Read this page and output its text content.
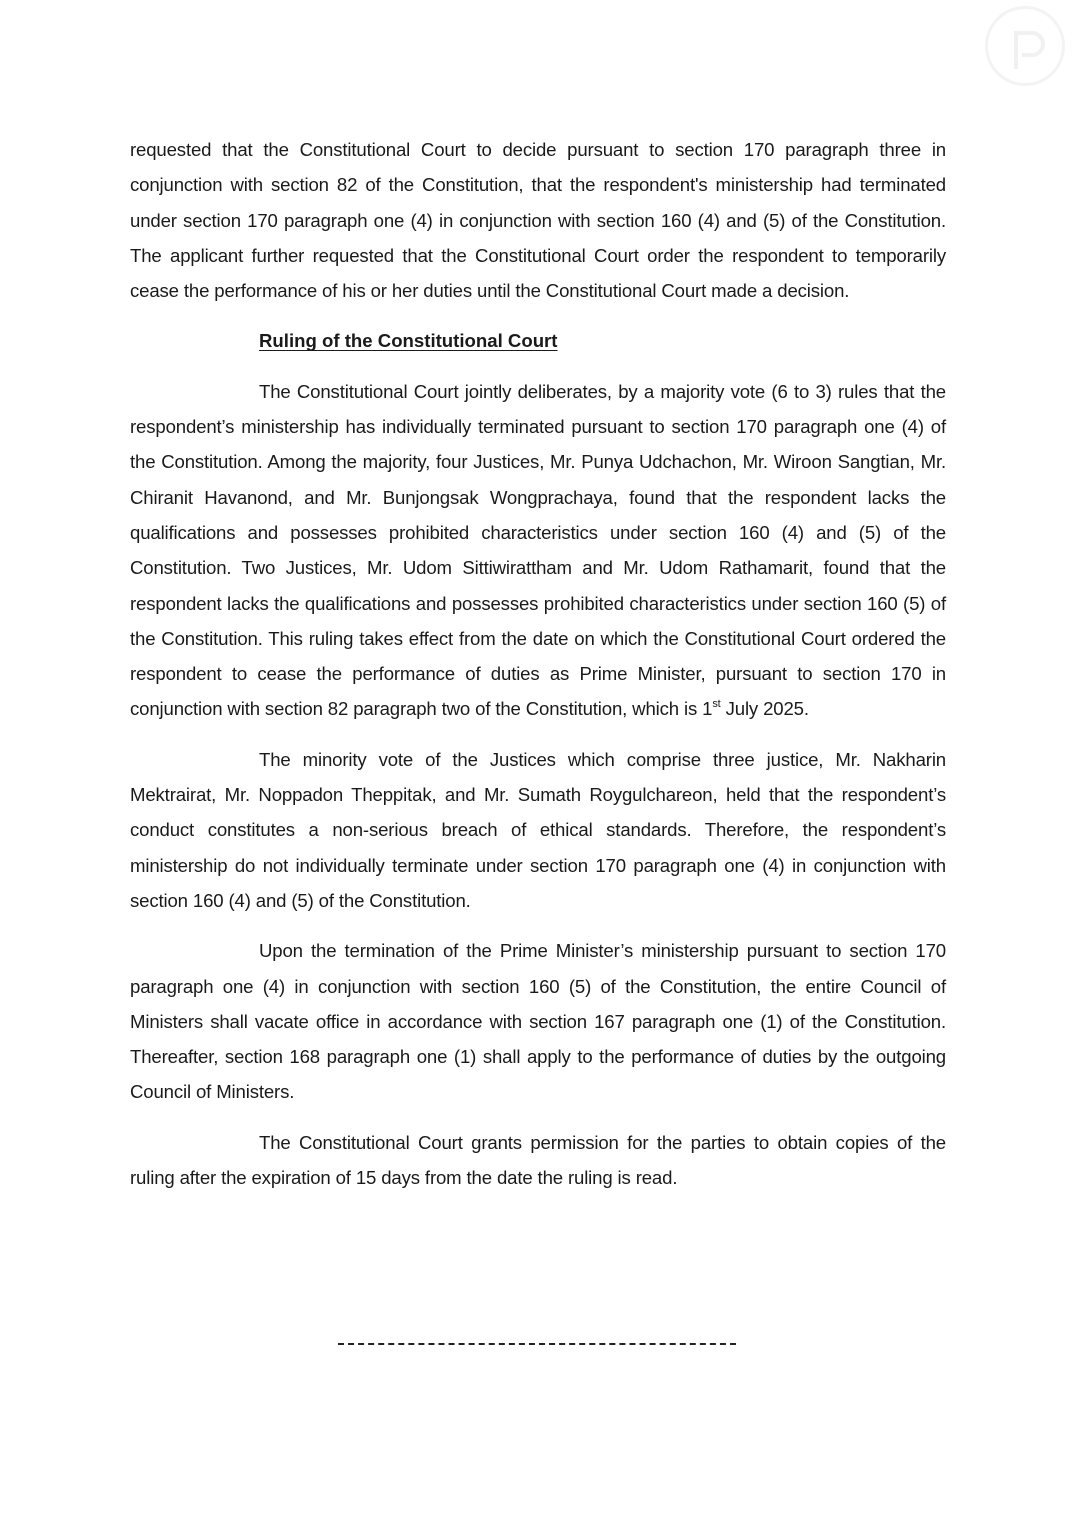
requested that the Constitutional Court to decide pursuant to section 170 paragraph three in conjunction with section 82 of the Constitution, that the respondent's ministership had terminated under section 170 paragraph one (4) in conjunction with section 160 (4) and (5) of the Constitution. The applicant further requested that the Constitutional Court order the respondent to temporarily cease the performance of his or her duties until the Constitutional Court made a decision.

Ruling of the Constitutional Court

The Constitutional Court jointly deliberates, by a majority vote (6 to 3) rules that the respondent’s ministership has individually terminated pursuant to section 170 paragraph one (4) of the Constitution. Among the majority, four Justices, Mr. Punya Udchachon, Mr. Wiroon Sangtian, Mr. Chiranit Havanond, and Mr. Bunjongsak Wongprachaya, found that the respondent lacks the qualifications and possesses prohibited characteristics under section 160 (4) and (5) of the Constitution. Two Justices, Mr. Udom Sittiwirattham and Mr. Udom Rathamarit, found that the respondent lacks the qualifications and possesses prohibited characteristics under section 160 (5) of the Constitution. This ruling takes effect from the date on which the Constitutional Court ordered the respondent to cease the performance of duties as Prime Minister, pursuant to section 170 in conjunction with section 82 paragraph two of the Constitution, which is 1st July 2025.

The minority vote of the Justices which comprise three justice, Mr. Nakharin Mektrairat, Mr. Noppadon Theppitak, and Mr. Sumath Roygulchareon, held that the respondent’s conduct constitutes a non-serious breach of ethical standards. Therefore, the respondent’s ministership do not individually terminate under section 170 paragraph one (4) in conjunction with section 160 (4) and (5) of the Constitution.

Upon the termination of the Prime Minister’s ministership pursuant to section 170 paragraph one (4) in conjunction with section 160 (5) of the Constitution, the entire Council of Ministers shall vacate office in accordance with section 167 paragraph one (1) of the Constitution. Thereafter, section 168 paragraph one (1) shall apply to the performance of duties by the outgoing Council of Ministers.

The Constitutional Court grants permission for the parties to obtain copies of the ruling after the expiration of 15 days from the date the ruling is read.
